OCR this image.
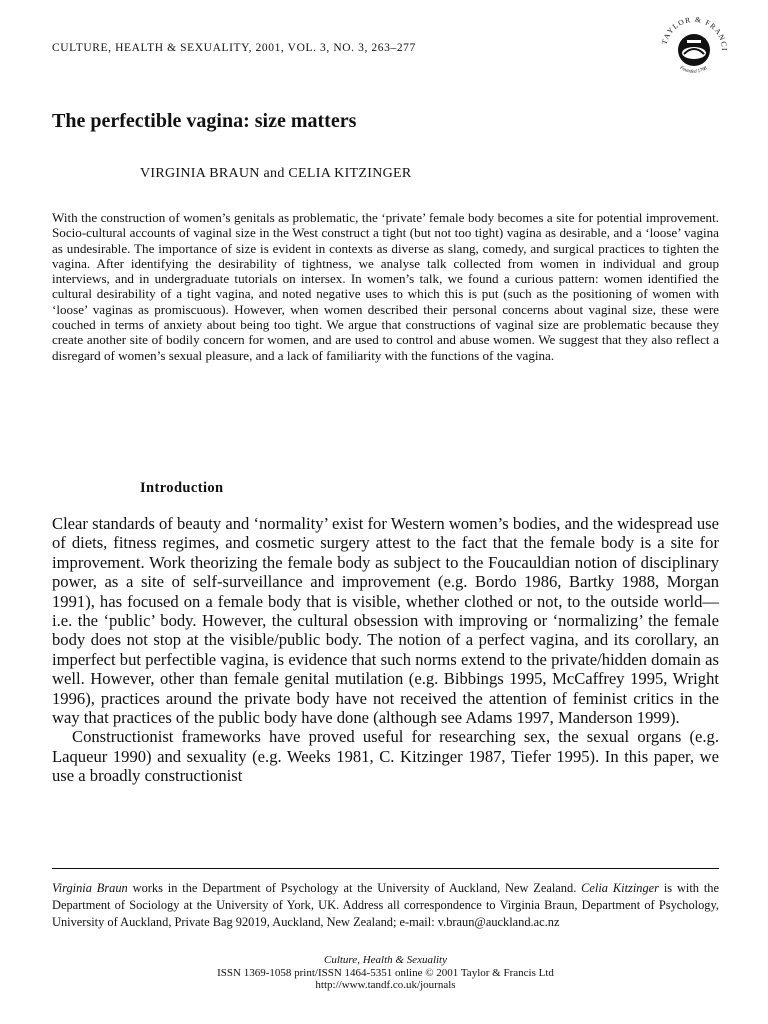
CULTURE, HEALTH & SEXUALITY, 2001, VOL. 3, NO. 3, 263–277
TAYLOR & FRANCI
Founded 1798
The perfectible vagina: size matters
VIRGINIA BRAUN and CELIA KITZINGER

With the construction of women’s genitals as problematic, the ‘private’ female body becomes a site for potential improvement. Socio-cultural accounts of vaginal size in the West construct a tight (but not too tight) vagina as desirable, and a ‘loose’ vagina as undesirable. The importance of size is evident in contexts as diverse as slang, comedy, and surgical practices to tighten the vagina. After identifying the desirability of tightness, we analyse talk collected from women in individual and group interviews, and in undergraduate tutorials on intersex. In women’s talk, we found a curious pattern: women identified the cultural desirability of a tight vagina, and noted negative uses to which this is put (such as the positioning of women with ‘loose’ vaginas as promiscuous). However, when women described their personal concerns about vaginal size, these were couched in terms of anxiety about being too tight. We argue that constructions of vaginal size are problematic because they create another site of bodily concern for women, and are used to control and abuse women. We suggest that they also reflect a disregard of women’s sexual pleasure, and a lack of familiarity with the functions of the vagina.

Introduction

Clear standards of beauty and ‘normality’ exist for Western women’s bodies, and the widespread use of diets, fitness regimes, and cosmetic surgery attest to the fact that the female body is a site for improvement. Work theorizing the female body as subject to the Foucauldian notion of disciplinary power, as a site of self-surveillance and improvement (e.g. Bordo 1986, Bartky 1988, Morgan 1991), has focused on a female body that is visible, whether clothed or not, to the outside world—i.e. the ‘public’ body. However, the cultural obsession with improving or ‘normalizing’ the female body does not stop at the visible/public body. The notion of a perfect vagina, and its corollary, an imperfect but perfectible vagina, is evidence that such norms extend to the private/hidden domain as well. However, other than female genital mutilation (e.g. Bibbings 1995, McCaffrey 1995, Wright 1996), practices around the private body have not received the attention of feminist critics in the way that practices of the public body have done (although see Adams 1997, Manderson 1999).

Constructionist frameworks have proved useful for researching sex, the sexual organs (e.g. Laqueur 1990) and sexuality (e.g. Weeks 1981, C. Kitzinger 1987, Tiefer 1995). In this paper, we use a broadly constructionist

Virginia Braun works in the Department of Psychology at the University of Auckland, New Zealand. Celia Kitzinger is with the Department of Sociology at the University of York, UK. Address all correspondence to Virginia Braun, Department of Psychology, University of Auckland, Private Bag 92019, Auckland, New Zealand; e-mail: v.braun@auckland.ac.nz

Culture, Health & Sexuality
ISSN 1369-1058 print/ISSN 1464-5351 online © 2001 Taylor & Francis Ltd
http://www.tandf.co.uk/journals
